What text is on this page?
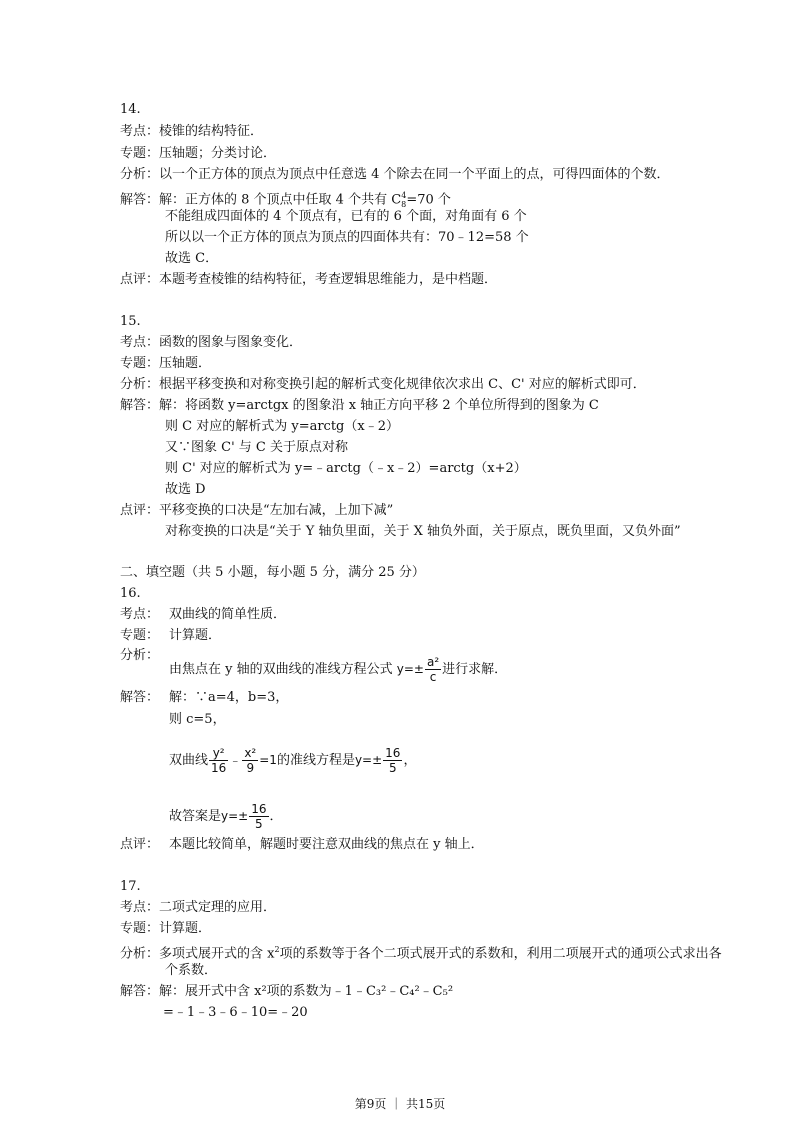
14.
考点：棱锥的结构特征．
专题：压轴题；分类讨论．
分析：以一个正方体的顶点为顶点中任意选 4 个除去在同一个平面上的点，可得四面体的个数．
解答：解：正方体的 8 个顶点中任取 4 个共有 $C_8^4=70$ 个
不能组成四面体的 4 个顶点有，已有的 6 个面，对角面有 6 个
所以以一个正方体的顶点为顶点的四面体共有：70﹣12=58 个
故选 C．
点评：本题考查棱锥的结构特征，考查逻辑思维能力，是中档题．
15.
考点：函数的图象与图象变化．
专题：压轴题．
分析：根据平移变换和对称变换引起的解析式变化规律依次求出 C、C' 对应的解析式即可．
解答：解：将函数 y=arctgx 的图象沿 x 轴正方向平移 2 个单位所得到的图象为 C
则 C 对应的解析式为 y=arctg（x﹣2）
又∵图象 C' 与 C 关于原点对称
则 C' 对应的解析式为 y=﹣arctg（﹣x﹣2）=arctg（x+2）
故选 D
点评：平移变换的口决是“左加右减，上加下减”
对称变换的口决是“关于 Y 轴负里面，关于 X 轴负外面，关于原点，既负里面，又负外面”
二、填空题（共 5 小题，每小题 5 分，满分 25 分）
16.
考点： 双曲线的简单性质．
专题： 计算题．
分析：
由焦点在 y 轴的双曲线的准线方程公式 $y=\pm \frac{\text{a²}}{c}$ 进行求解．
解答： 解：∵a=4，b=3，
则 c=5，
双曲线 $\frac{\text{y²}}{16}$ ﹣ $\frac{\text{x²}}{9} =1$的准线方程是$y=\pm \frac{16}{5}$ ，
故答案是$y=\pm \frac{16}{5}$ ．
点评： 本题比较简单，解题时要注意双曲线的焦点在 y 轴上．
17.
考点：二项式定理的应用．
专题：计算题．
分析：多项式展开式的含 $x^2$项的系数等于各个二项式展开式的系数和，利用二项展开式的通项公式求出各
个系数．
解答：解：展开式中含 x²项的系数为﹣1﹣C₃²﹣C₄²﹣C₅²
=﹣1﹣3﹣6﹣10=﹣20
第9页 ｜ 共15页
